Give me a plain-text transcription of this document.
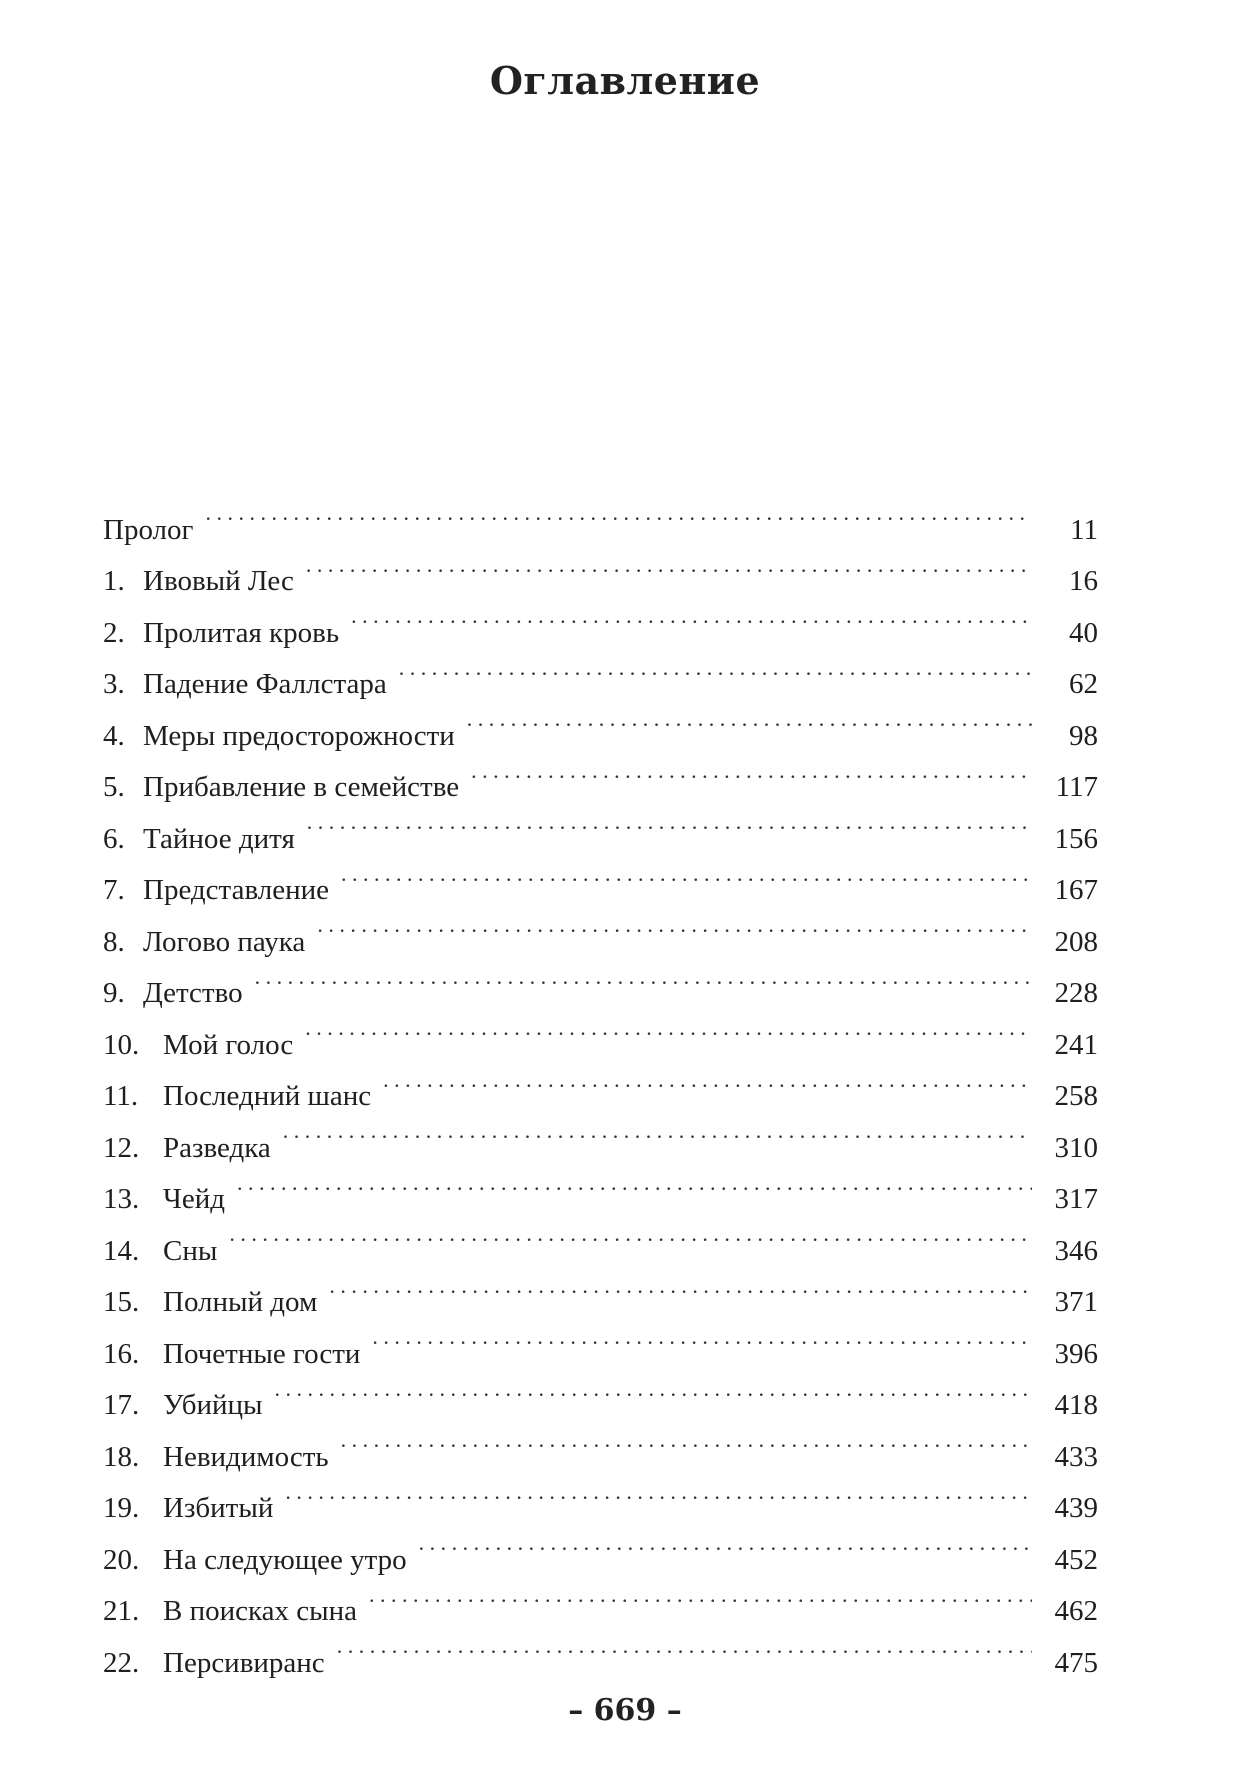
Оглавление
Пролог . . .	11
1. Ивовый Лес . . .	16
2. Пролитая кровь . . .	40
3. Падение Фаллстара . . .	62
4. Меры предосторожности . . .	98
5. Прибавление в семействе . . .	117
6. Тайное дитя . . .	156
7. Представление . . .	167
8. Логово паука . . .	208
9. Детство . . .	228
10. Мой голос . . .	241
11. Последний шанс . . .	258
12. Разведка . . .	310
13. Чейд . . .	317
14. Сны . . .	346
15. Полный дом . . .	371
16. Почетные гости . . .	396
17. Убийцы . . .	418
18. Невидимость . . .	433
19. Избитый . . .	439
20. На следующее утро . . .	452
21. В поисках сына . . .	462
22. Персивиранс . . .	475
– 669 –
